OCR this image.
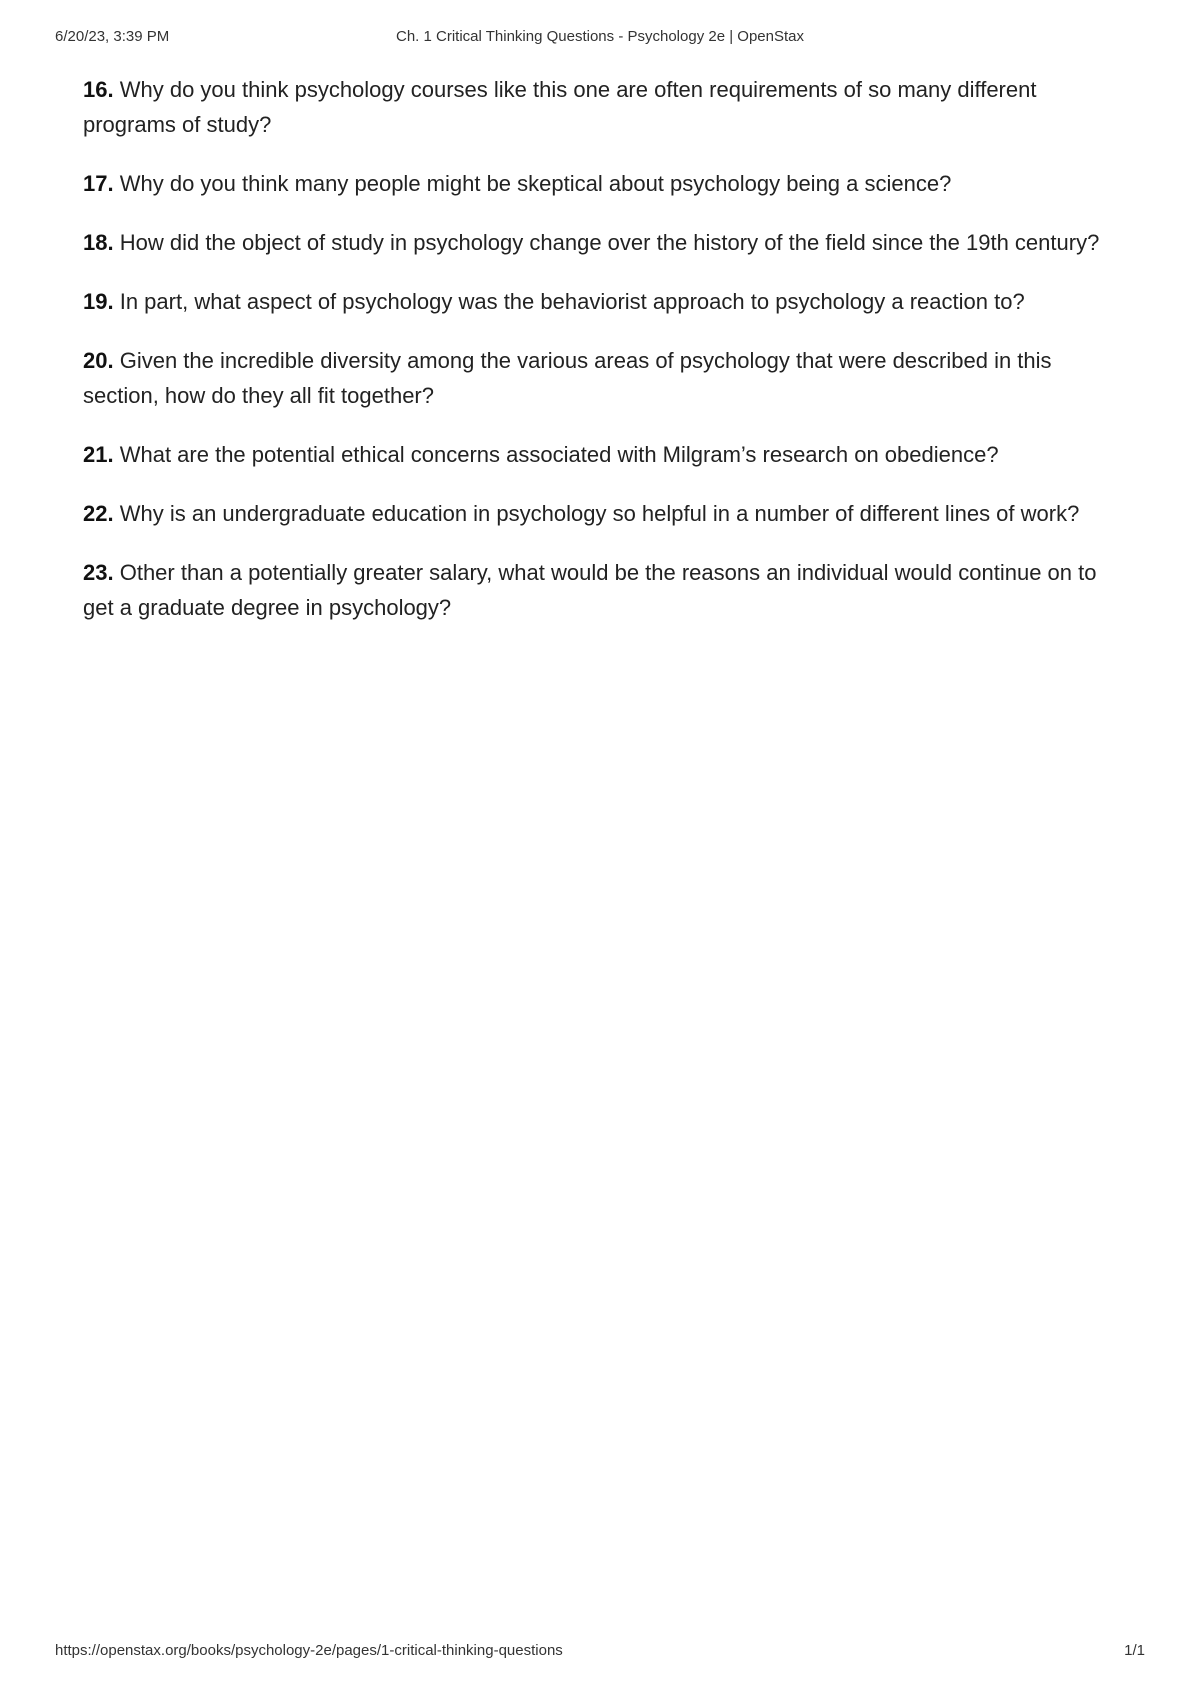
6/20/23, 3:39 PM	Ch. 1 Critical Thinking Questions - Psychology 2e | OpenStax

16. Why do you think psychology courses like this one are often requirements of so many different programs of study?

17. Why do you think many people might be skeptical about psychology being a science?

18. How did the object of study in psychology change over the history of the field since the 19th century?

19. In part, what aspect of psychology was the behaviorist approach to psychology a reaction to?

20. Given the incredible diversity among the various areas of psychology that were described in this section, how do they all fit together?

21. What are the potential ethical concerns associated with Milgram’s research on obedience?

22. Why is an undergraduate education in psychology so helpful in a number of different lines of work?

23. Other than a potentially greater salary, what would be the reasons an individual would continue on to get a graduate degree in psychology?

https://openstax.org/books/psychology-2e/pages/1-critical-thinking-questions	1/1
